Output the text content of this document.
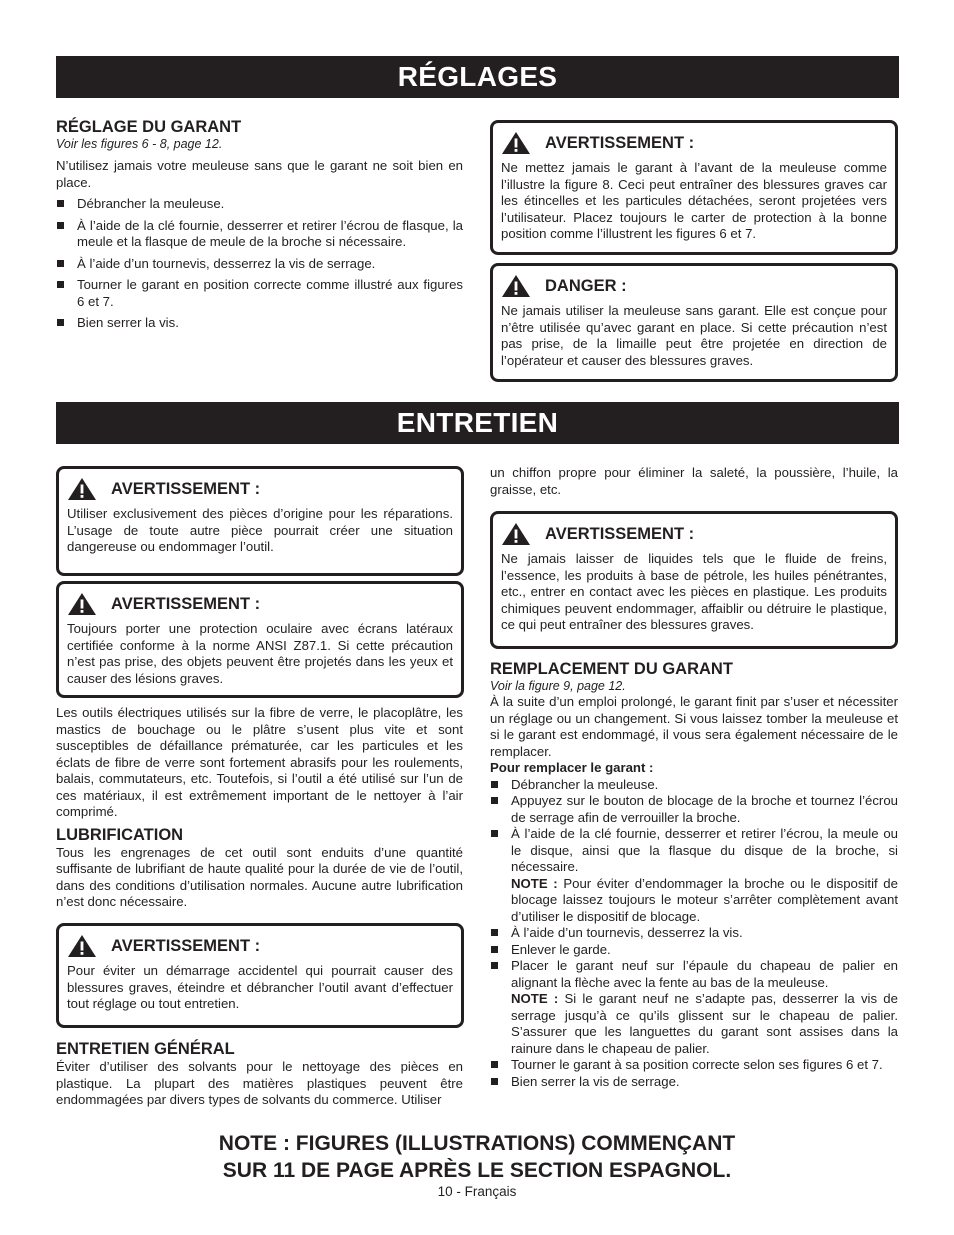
RÉGLAGES
RÉGLAGE DU GARANT
Voir les figures 6 - 8, page 12.

N’utilisez jamais votre meuleuse sans que le garant ne soit bien en place.

Débrancher la meuleuse.
À l’aide de la clé fournie, desserrer et retirer l’écrou de flasque, la meule et la flasque de meule de la broche si nécessaire.
À l’aide d’un tournevis, desserrez la vis de serrage.
Tourner le garant en position correcte comme illustré aux figures 6 et 7.
Bien serrer la vis.
AVERTISSEMENT :

Ne mettez jamais le garant à l’avant de la meuleuse comme l’illustre la figure 8. Ceci peut entraîner des blessures graves car les étincelles et les particules détachées, seront projetées vers l’utilisateur. Placez toujours le carter de protection à la bonne position comme l’illustrent les figures 6 et 7.

DANGER :

Ne jamais utiliser la meuleuse sans garant. Elle est conçue pour n’être utilisée qu’avec garant en place. Si cette précaution n’est pas prise, de la limaille peut être projetée en direction de l’opérateur et causer des blessures graves.

ENTRETIEN
AVERTISSEMENT :

Utiliser exclusivement des pièces d’origine pour les réparations. L’usage de toute autre pièce pourrait créer une situation dangereuse ou endommager l’outil.

AVERTISSEMENT :

Toujours porter une protection oculaire avec écrans latéraux certifiée conforme à la norme ANSI Z87.1. Si cette précaution n’est pas prise, des objets peuvent être projetés dans les yeux et causer des lésions graves.

Les outils électriques utilisés sur la fibre de verre, le placoplâtre, les mastics de bouchage ou le plâtre s’usent plus vite et sont susceptibles de défaillance prématurée, car les particules et les éclats de fibre de verre sont fortement abrasifs pour les roulements, balais, commutateurs, etc. Toutefois, si l’outil a été utilisé sur l’un de ces matériaux, il est extrêmement important de le nettoyer à l’air comprimé.

LUBRIFICATION

Tous les engrenages de cet outil sont enduits d’une quantité suffisante de lubrifiant de haute qualité pour la durée de vie de l’outil, dans des conditions d’utilisation normales. Aucune autre lubrification n’est donc nécessaire.

AVERTISSEMENT :

Pour éviter un démarrage accidentel qui pourrait causer des blessures graves, éteindre et débrancher l’outil avant d’effectuer tout réglage ou tout entretien.

ENTRETIEN GÉNÉRAL

Éviter d’utiliser des solvants pour le nettoyage des pièces en plastique. La plupart des matières plastiques peuvent être endommagées par divers types de solvants du commerce. Utiliser

un chiffon propre pour éliminer la saleté, la poussière, l’huile, la graisse, etc.

AVERTISSEMENT :

Ne jamais laisser de liquides tels que le fluide de freins, l’essence, les produits à base de pétrole, les huiles pénétrantes, etc., entrer en contact avec les pièces en plastique. Les produits chimiques peuvent endommager, affaiblir ou détruire le plastique, ce qui peut entraîner des blessures graves.

REMPLACEMENT DU GARANT
Voir la figure 9, page 12.

À la suite d’un emploi prolongé, le garant finit par s’user et nécessiter un réglage ou un changement. Si vous laissez tomber la meuleuse et si le garant est endommagé, il vous sera également nécessaire de le remplacer.

Pour remplacer le garant :
Débrancher la meuleuse.
Appuyez sur le bouton de blocage de la broche et tournez l’écrou de serrage afin de verrouiller la broche.
À l’aide de la clé fournie, desserrer et retirer l’écrou, la meule ou le disque, ainsi que la flasque du disque de la broche, si nécessaire.
NOTE : Pour éviter d’endommager la broche ou le dispositif de blocage laissez toujours le moteur s’arrêter complètement avant d’utiliser le dispositif de blocage.
À l’aide d’un tournevis, desserrez la vis.
Enlever le garde.
Placer le garant neuf sur l’épaule du chapeau de palier en alignant la flèche avec la fente au bas de la meuleuse.
NOTE : Si le garant neuf ne s’adapte pas, desserrer la vis de serrage jusqu’à ce qu’ils glissent sur le chapeau de palier. S’assurer que les languettes du garant sont assises dans la rainure dans le chapeau de palier.
Tourner le garant à sa position correcte selon ses figures 6 et 7.
Bien serrer la vis de serrage.
NOTE : FIGURES (ILLUSTRATIONS) COMMENÇANT
SUR 11 DE PAGE APRÈS LE SECTION ESPAGNOL.
10 - Français
